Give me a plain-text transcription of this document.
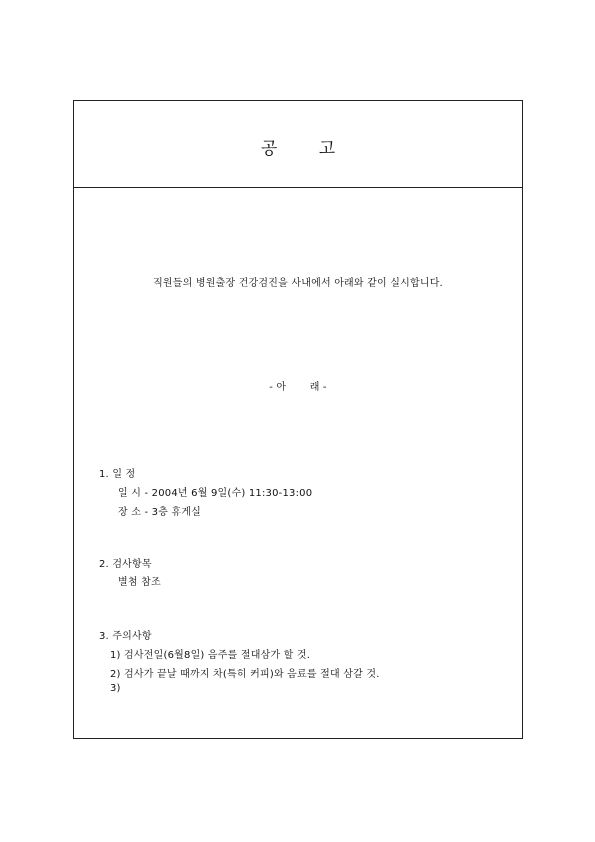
공 고
직원들의 병원출장 건강검진을 사내에서 아래와 같이 실시합니다.
- 아 래 -
1. 일 정
일 시 - 2004년 6월 9일(수) 11:30-13:00
장 소 - 3층 휴게실
2. 검사항목
별첨 참조
3. 주의사항
1) 검사전일(6월8일) 음주를 절대삼가 할 것.
2) 검사가 끝날 때까지 차(특히 커피)와 음료를 절대 삼갈 것.
3)
